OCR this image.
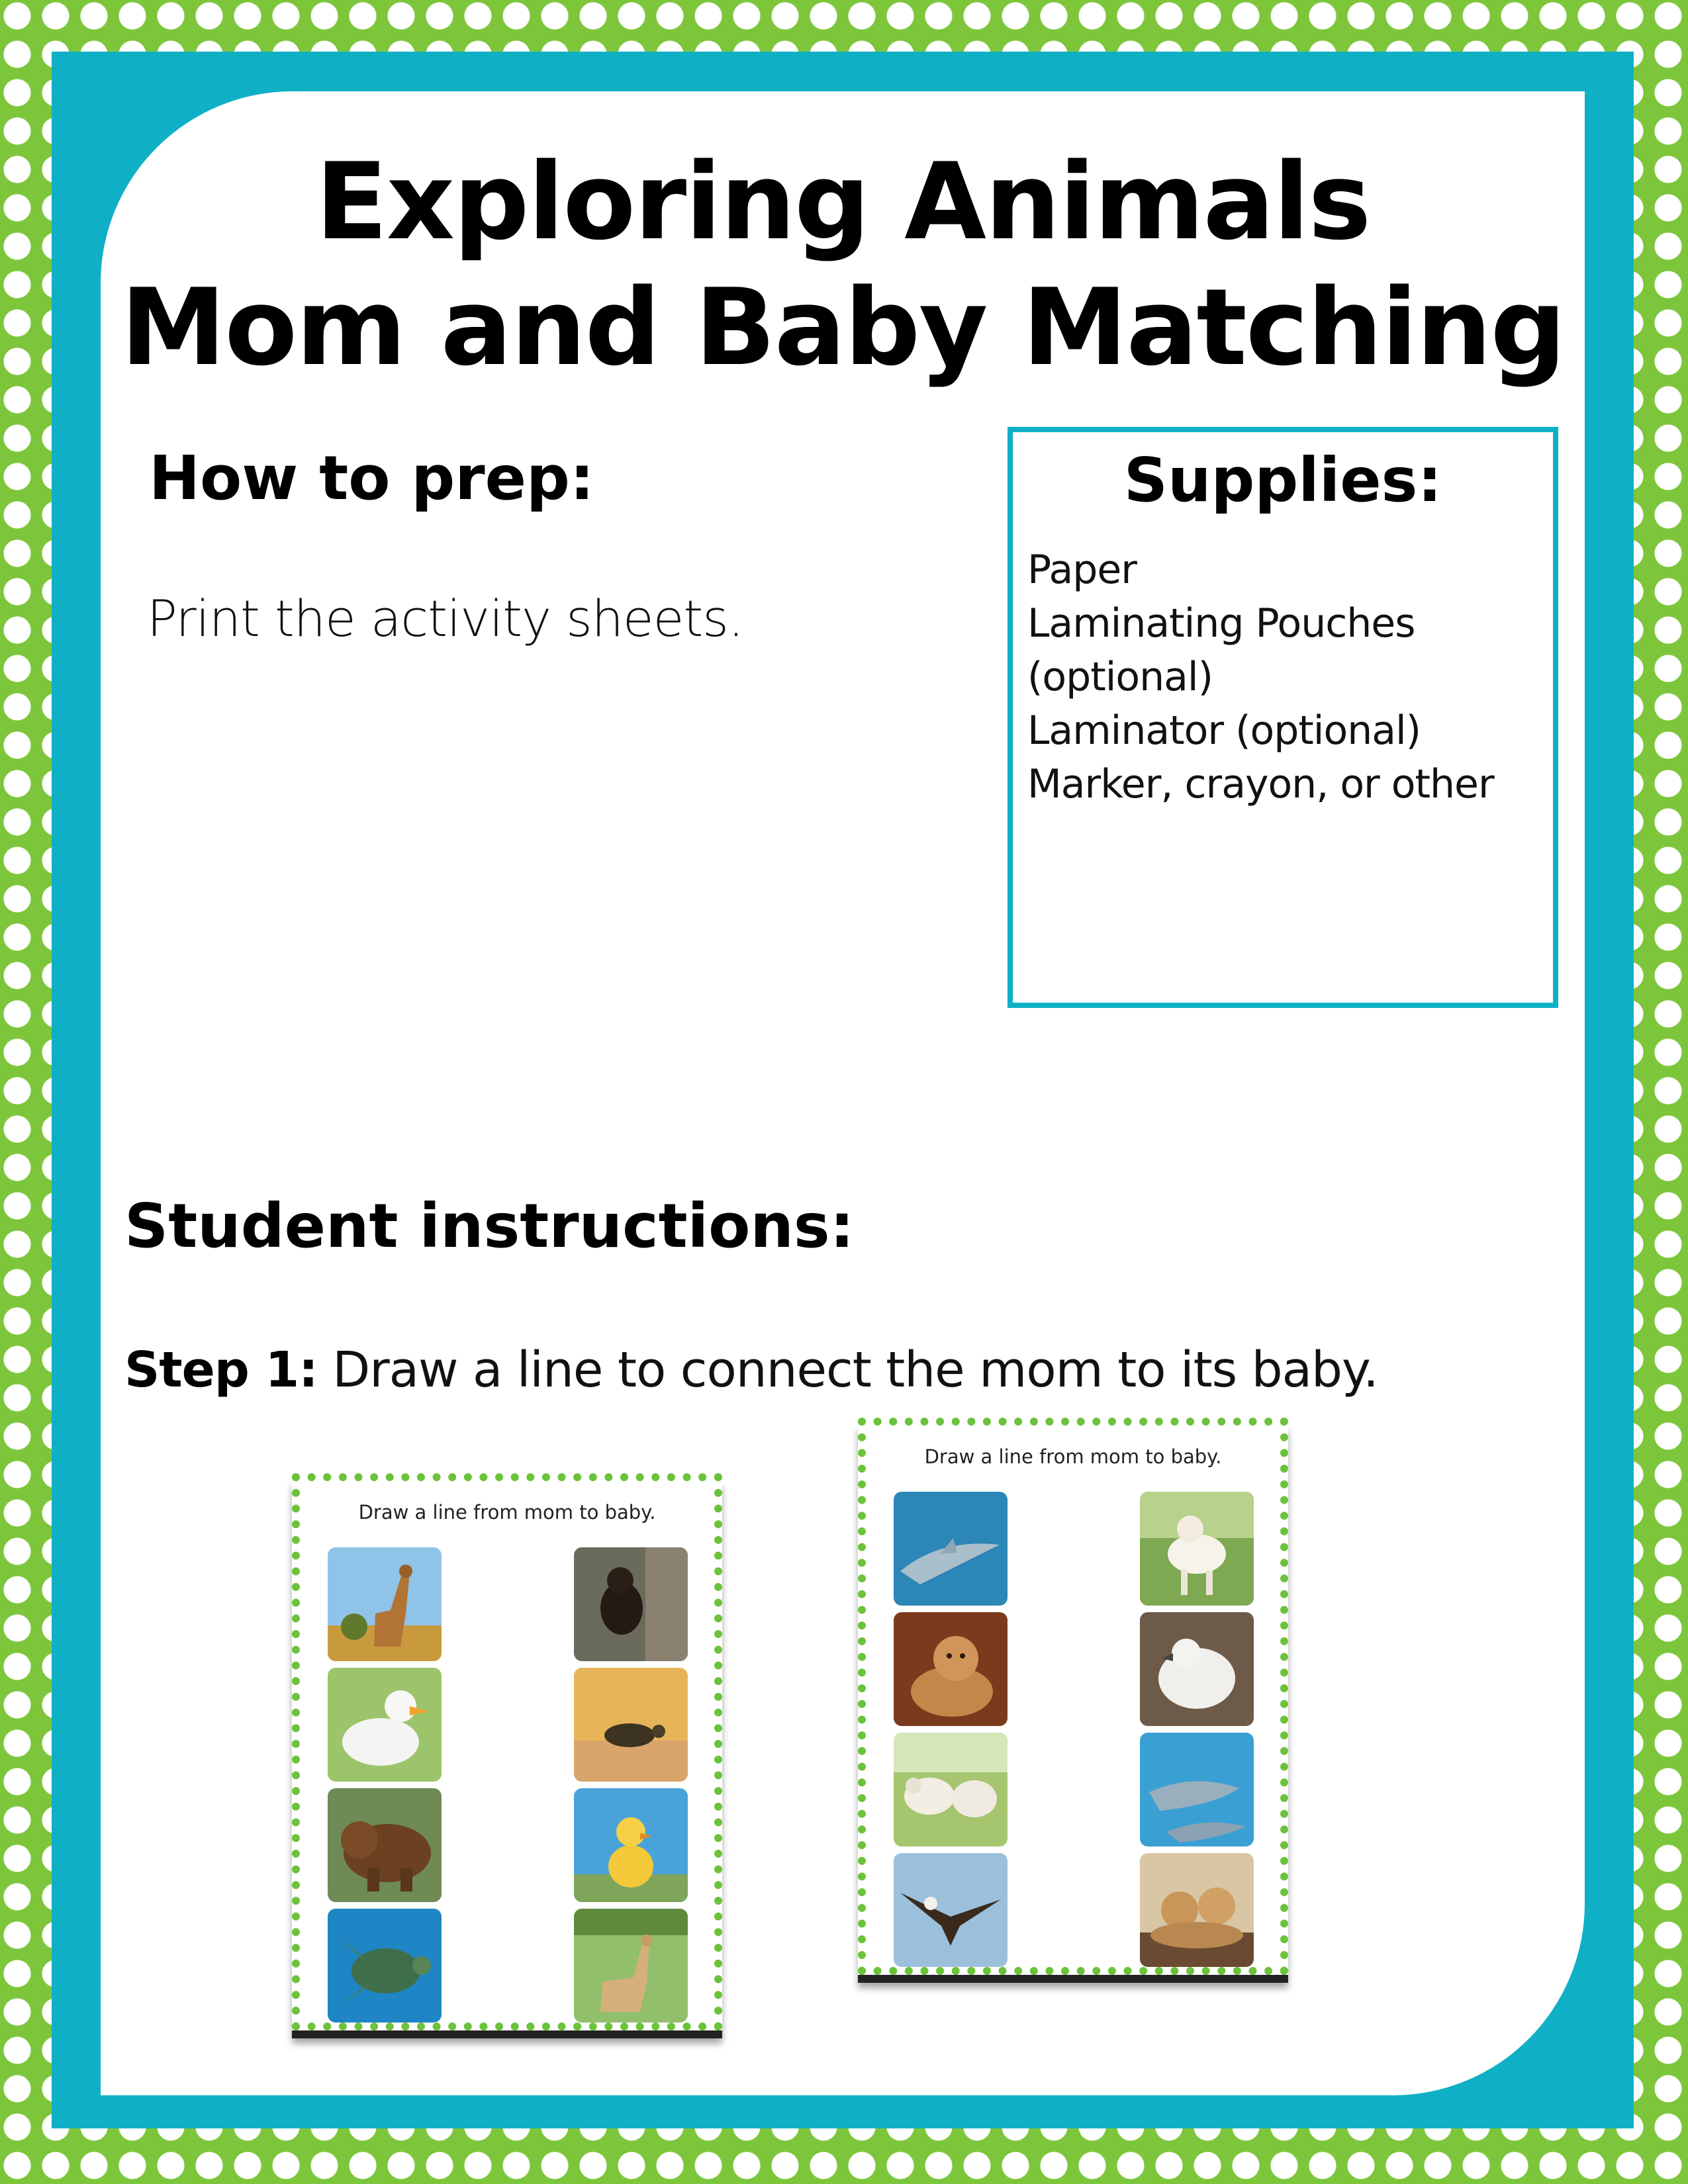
Exploring Animals
Mom and Baby Matching
How to prep:
Print the activity sheets.
Supplies:
Paper
Laminating Pouches
(optional)
Laminator (optional)
Marker, crayon, or other
Student instructions:
Step 1: Draw a line to connect the mom to its baby.
Draw a line from mom to baby.
Draw a line from mom to baby.
